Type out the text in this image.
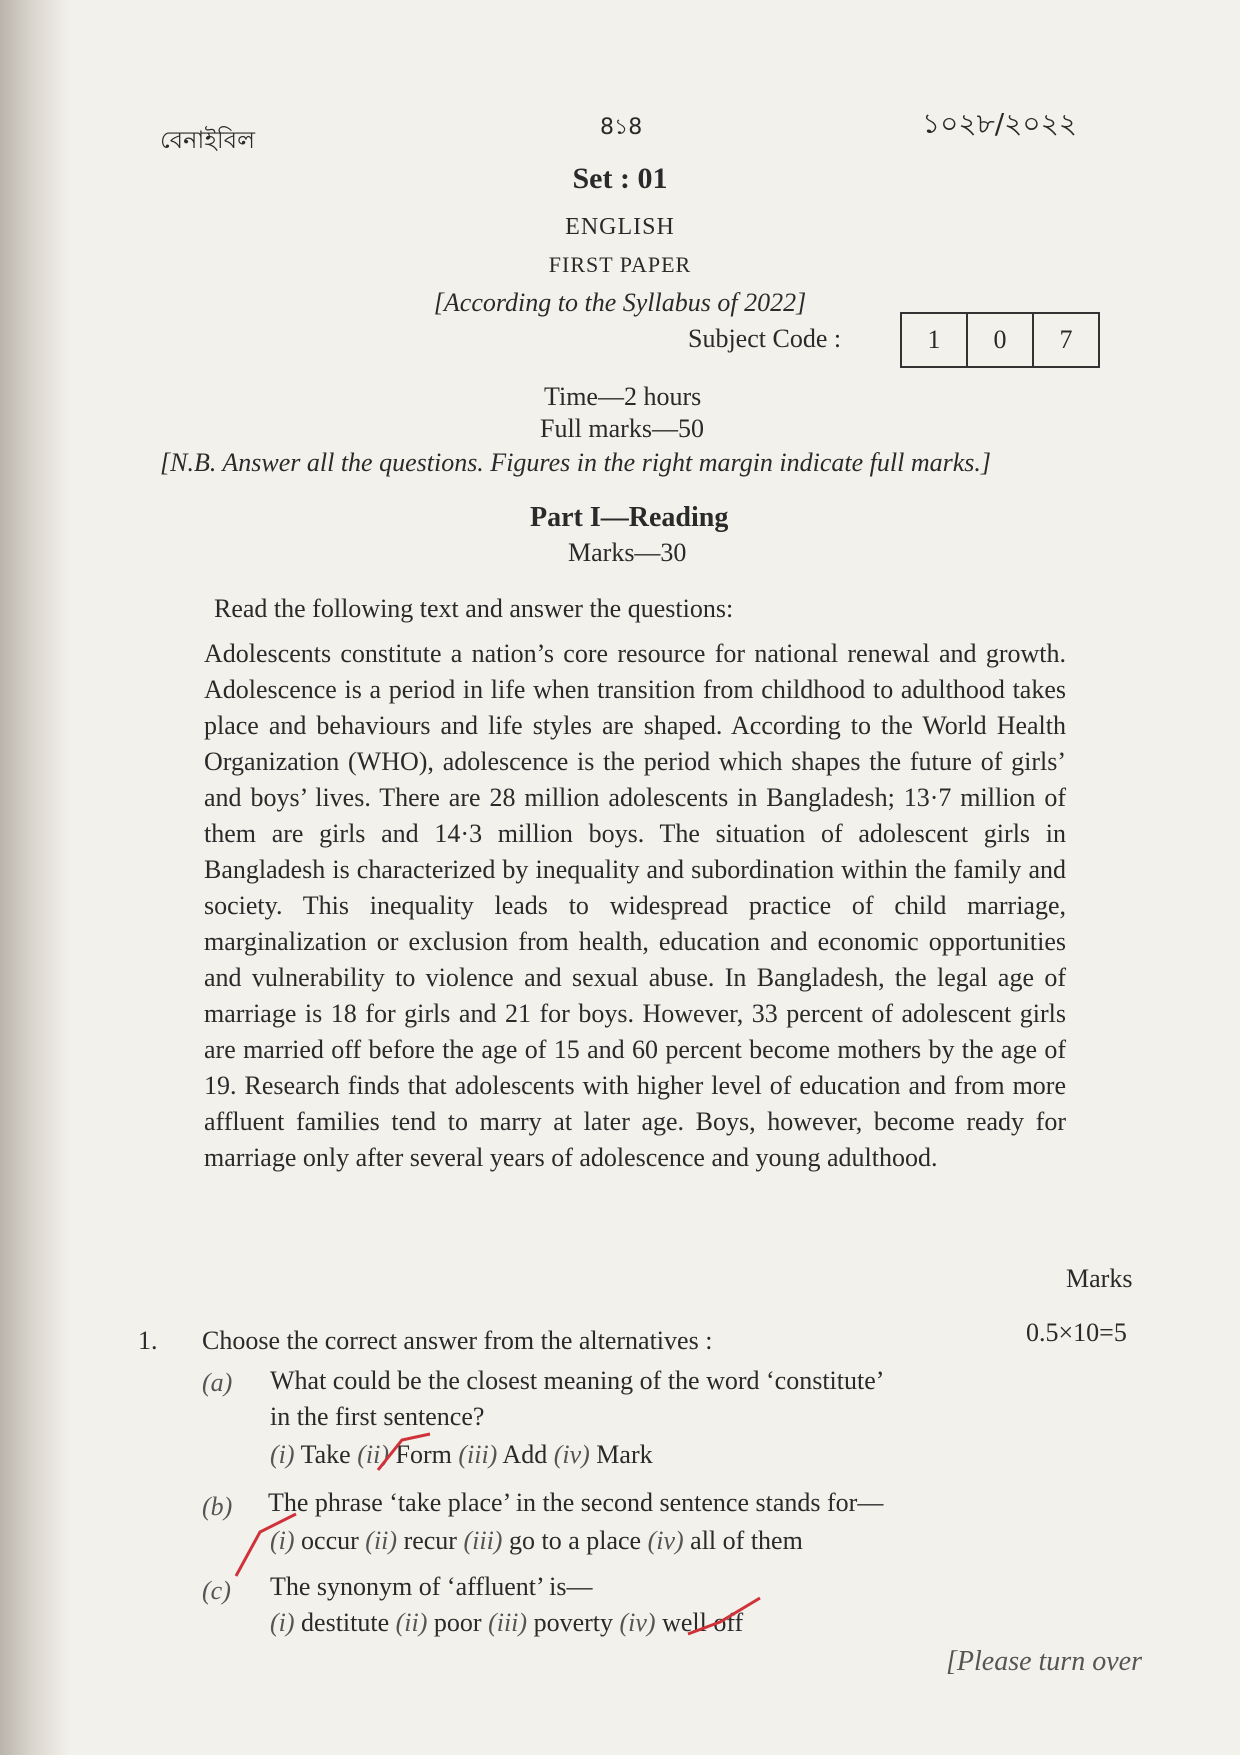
বেনাইবিল	8১8	১০২৮/২০২২
Set : 01
ENGLISH
FIRST PAPER
[According to the Syllabus of 2022]
Subject Code :	1	0	7
Time—2 hours
Full marks—50
[N.B. Answer all the questions. Figures in the right margin indicate full marks.]
Part I—Reading
Marks—30
Read the following text and answer the questions:
Adolescents constitute a nation’s core resource for national renewal and growth. Adolescence is a period in life when transition from childhood to adulthood takes place and behaviours and life styles are shaped. According to the World Health Organization (WHO), adolescence is the period which shapes the future of girls’ and boys’ lives. There are 28 million adolescents in Bangladesh; 13·7 million of them are girls and 14·3 million boys. The situation of adolescent girls in Bangladesh is characterized by inequality and subordination within the family and society. This inequality leads to widespread practice of child marriage, marginalization or exclusion from health, education and economic opportunities and vulnerability to violence and sexual abuse. In Bangladesh, the legal age of marriage is 18 for girls and 21 for boys. However, 33 percent of adolescent girls are married off before the age of 15 and 60 percent become mothers by the age of 19. Research finds that adolescents with higher level of education and from more affluent families tend to marry at later age. Boys, however, become ready for marriage only after several years of adolescence and young adulthood.
Marks
1. Choose the correct answer from the alternatives :	0.5×10=5
(a) What could be the closest meaning of the word ‘constitute’
in the first sentence?
(i) Take (ii) Form (iii) Add (iv) Mark
(b) The phrase ‘take place’ in the second sentence stands for—
(i) occur (ii) recur (iii) go to a place (iv) all of them
(c) The synonym of ‘affluent’ is—
(i) destitute (ii) poor (iii) poverty (iv) well off
[Please turn over
